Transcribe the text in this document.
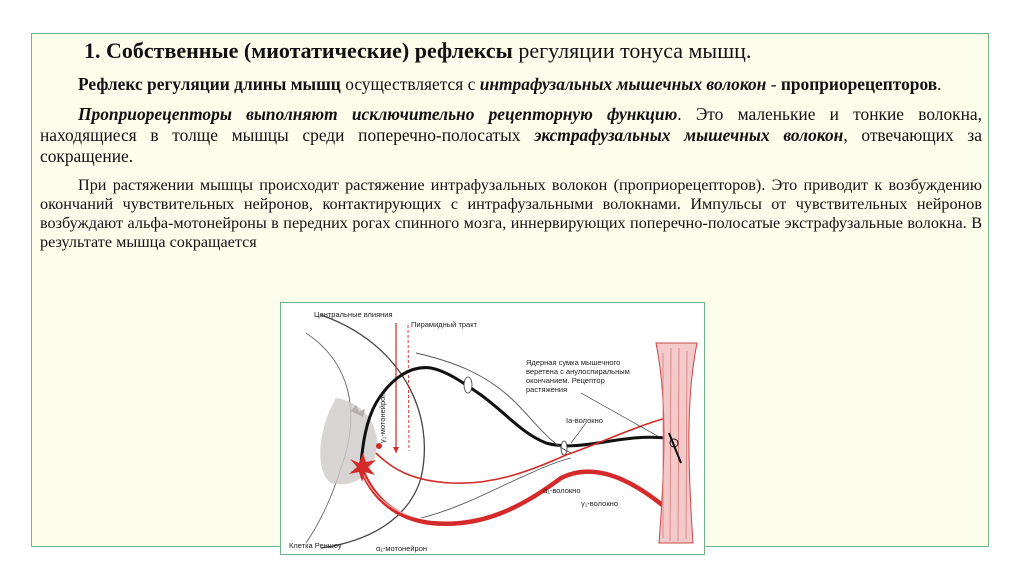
1. Собственные (миотатические) рефлексы регуляции тонуса мышц.

Рефлекс регуляции длины мышц осуществляется с интрафузальных мышечных волокон - проприорецепторов.

Проприорецепторы выполняют исключительно рецепторную функцию. Это маленькие и тонкие волокна, находящиеся в толще мышцы среди поперечно-полосатых экстрафузальных мышечных волокон, отвечающих за сокращение.

При растяжении мышцы происходит растяжение интрафузальных волокон (проприорецепторов). Это приводит к возбуждению окончаний чувствительных нейронов, контактирующих с интрафузальными волокнами. Импульсы от чувствительных нейронов возбуждают альфа-мотонейроны в передних рогах спинного мозга, иннервирующих поперечно-полосатые экстрафузальные волокна. В результате мышца сокращается

Центральные влияния
Пирамидный тракт
Ядерная сумка мышечного
веретена с анулоспиральным
окончанием. Рецептор
растяжения
Iа-волокно
γ₁-мотонейрон
α₁-волокно
γ₁-волокно
Клетка Реншоу	α₁-мотонейрон
